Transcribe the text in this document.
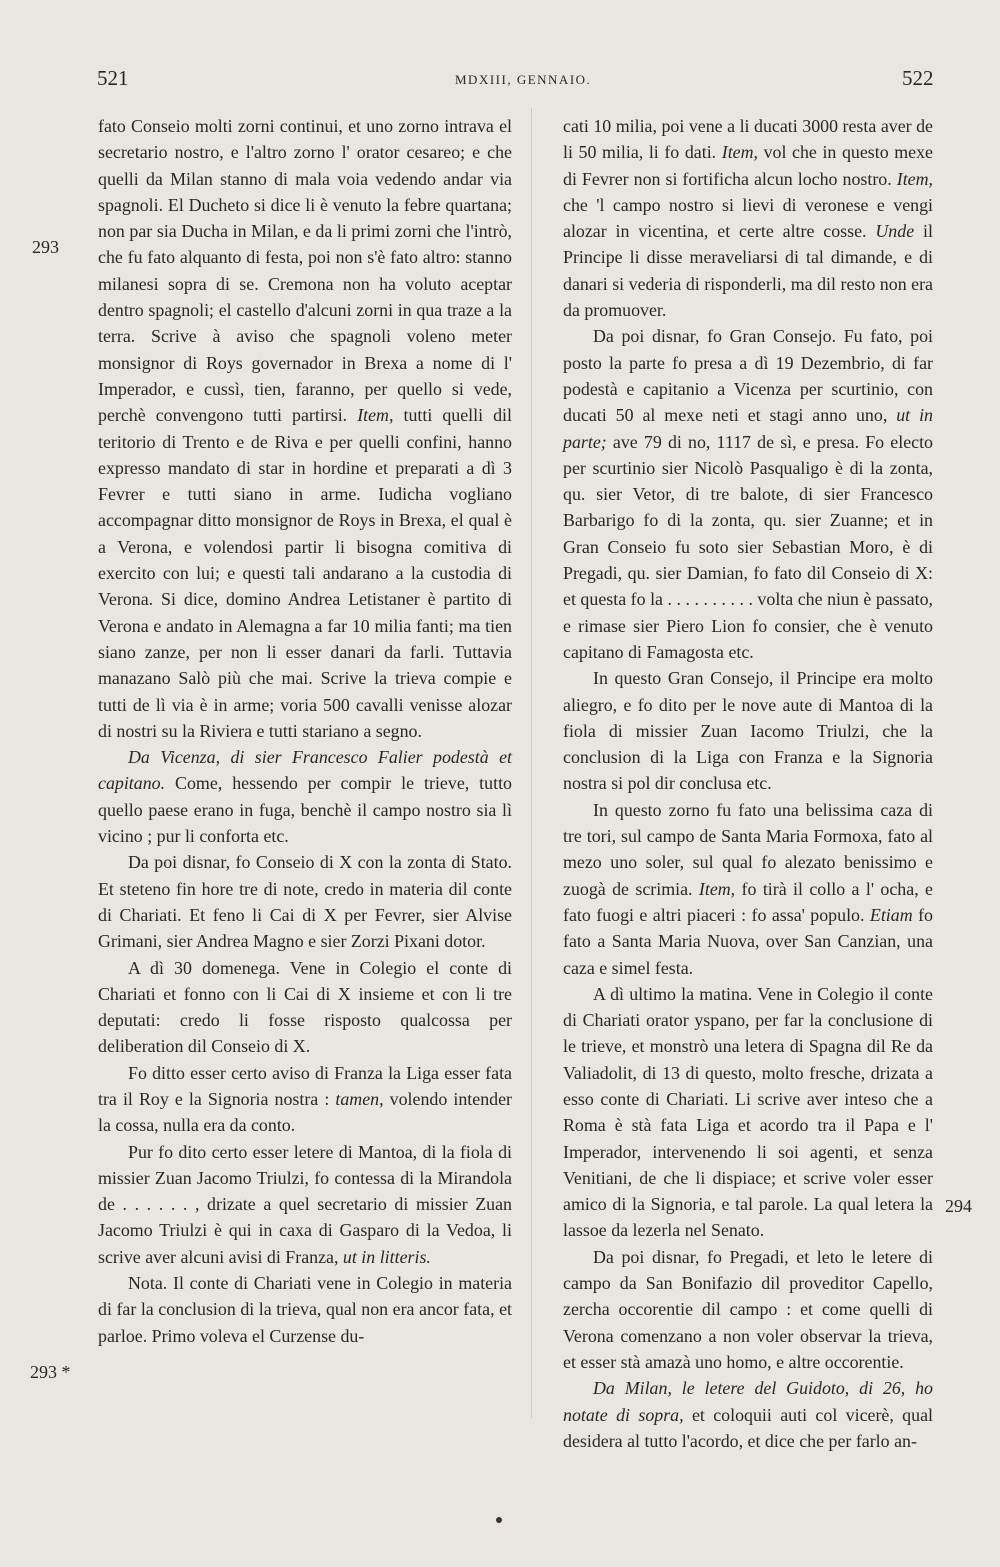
521	MDXIII, GENNAIO.	522
293
293 *
294

fato Conseio molti zorni continui, et uno zorno intrava el secretario nostro, e l'altro zorno l' orator cesareo; e che quelli da Milan stanno di mala voia vedendo andar via spagnoli. El Ducheto si dice li è venuto la febre quartana; non par sia Ducha in Milan, e da li primi zorni che l'intrò, che fu fato alquanto di festa, poi non s'è fato altro: stanno milanesi sopra di se. Cremona non ha voluto aceptar dentro spagnoli; el castello d'alcuni zorni in qua traze a la terra. Scrive à aviso che spagnoli voleno meter monsignor di Roys governador in Brexa a nome di l' Imperador, e cussì, tien, faranno, per quello si vede, perchè convengono tutti partirsi. Item, tutti quelli dil teritorio di Trento e de Riva e per quelli confini, hanno expresso mandato di star in hordine et preparati a dì 3 Fevrer e tutti siano in arme. Iudicha vogliano accompagnar ditto monsignor de Roys in Brexa, el qual è a Verona, e volendosi partir li bisogna comitiva di exercito con lui; e questi tali andarano a la custodia di Verona. Si dice, domino Andrea Letistaner è partito di Verona e andato in Alemagna a far 10 milia fanti; ma tien siano zanze, per non li esser danari da farli. Tuttavia manazano Salò più che mai. Scrive la trieva compie e tutti de lì via è in arme; voria 500 cavalli venisse alozar di nostri su la Riviera e tutti stariano a segno.

Da Vicenza, di sier Francesco Falier podestà et capitano. Come, hessendo per compir le trieve, tutto quello paese erano in fuga, benchè il campo nostro sia lì vicino ; pur li conforta etc.

Da poi disnar, fo Conseio di X con la zonta di Stato. Et steteno fin hore tre di note, credo in materia dil conte di Chariati. Et feno li Cai di X per Fevrer, sier Alvise Grimani, sier Andrea Magno e sier Zorzi Pixani dotor.

A dì 30 domenega. Vene in Colegio el conte di Chariati et fonno con li Cai di X insieme et con li tre deputati: credo li fosse risposto qualcossa per deliberation dil Conseio di X.

Fo ditto esser certo aviso di Franza la Liga esser fata tra il Roy e la Signoria nostra : tamen, volendo intender la cossa, nulla era da conto.

Pur fo dito certo esser letere di Mantoa, di la fiola di missier Zuan Jacomo Triulzi, fo contessa di la Mirandola de . . . . . . , drizate a quel secretario di missier Zuan Jacomo Triulzi è qui in caxa di Gasparo di la Vedoa, li scrive aver alcuni avisi di Franza, ut in litteris.

Nota. Il conte di Chariati vene in Colegio in materia di far la conclusion di la trieva, qual non era ancor fata, et parloe. Primo voleva el Curzense du-

cati 10 milia, poi vene a li ducati 3000 resta aver de li 50 milia, li fo dati. Item, vol che in questo mexe di Fevrer non si fortificha alcun locho nostro. Item, che 'l campo nostro si lievi di veronese e vengi alozar in vicentina, et certe altre cosse. Unde il Principe li disse meraveliarsi di tal dimande, e di danari si vederia di risponderli, ma dil resto non era da promuover.

Da poi disnar, fo Gran Consejo. Fu fato, poi posto la parte fo presa a dì 19 Dezembrio, di far podestà e capitanio a Vicenza per scurtinio, con ducati 50 al mexe neti et stagi anno uno, ut in parte; ave 79 di no, 1117 de sì, e presa. Fo electo per scurtinio sier Nicolò Pasqualigo è di la zonta, qu. sier Vetor, di tre balote, di sier Francesco Barbarigo fo di la zonta, qu. sier Zuanne; et in Gran Conseio fu soto sier Sebastian Moro, è di Pregadi, qu. sier Damian, fo fato dil Conseio di X: et questa fo la . . . . . . . . . . volta che niun è passato, e rimase sier Piero Lion fo consier, che è venuto capitano di Famagosta etc.

In questo Gran Consejo, il Principe era molto aliegro, e fo dito per le nove aute di Mantoa di la fiola di missier Zuan Iacomo Triulzi, che la conclusion di la Liga con Franza e la Signoria nostra si pol dir conclusa etc.

In questo zorno fu fato una belissima caza di tre tori, sul campo de Santa Maria Formoxa, fato al mezo uno soler, sul qual fo alezato benissimo e zuogà de scrimia. Item, fo tirà il collo a l' ocha, e fato fuogi e altri piaceri : fo assa' populo. Etiam fo fato a Santa Maria Nuova, over San Canzian, una caza e simel festa.

A dì ultimo la matina. Vene in Colegio il conte di Chariati orator yspano, per far la conclusione di le trieve, et monstrò una letera di Spagna dil Re da Valiadolit, di 13 di questo, molto fresche, drizata a esso conte di Chariati. Li scrive aver inteso che a Roma è stà fata Liga et acordo tra il Papa e l' Imperador, intervenendo li soi agenti, et senza Venitiani, de che li dispiace; et scrive voler esser amico di la Signoria, e tal parole. La qual letera la lassoe da lezerla nel Senato.

Da poi disnar, fo Pregadi, et leto le letere di campo da San Bonifazio dil proveditor Capello, zercha occorentie dil campo : et come quelli di Verona comenzano a non voler observar la trieva, et esser stà amazà uno homo, e altre occorentie.

Da Milan, le letere del Guidoto, di 26, ho notate di sopra, et coloquii auti col vicerè, qual desidera al tutto l'acordo, et dice che per farlo an-
